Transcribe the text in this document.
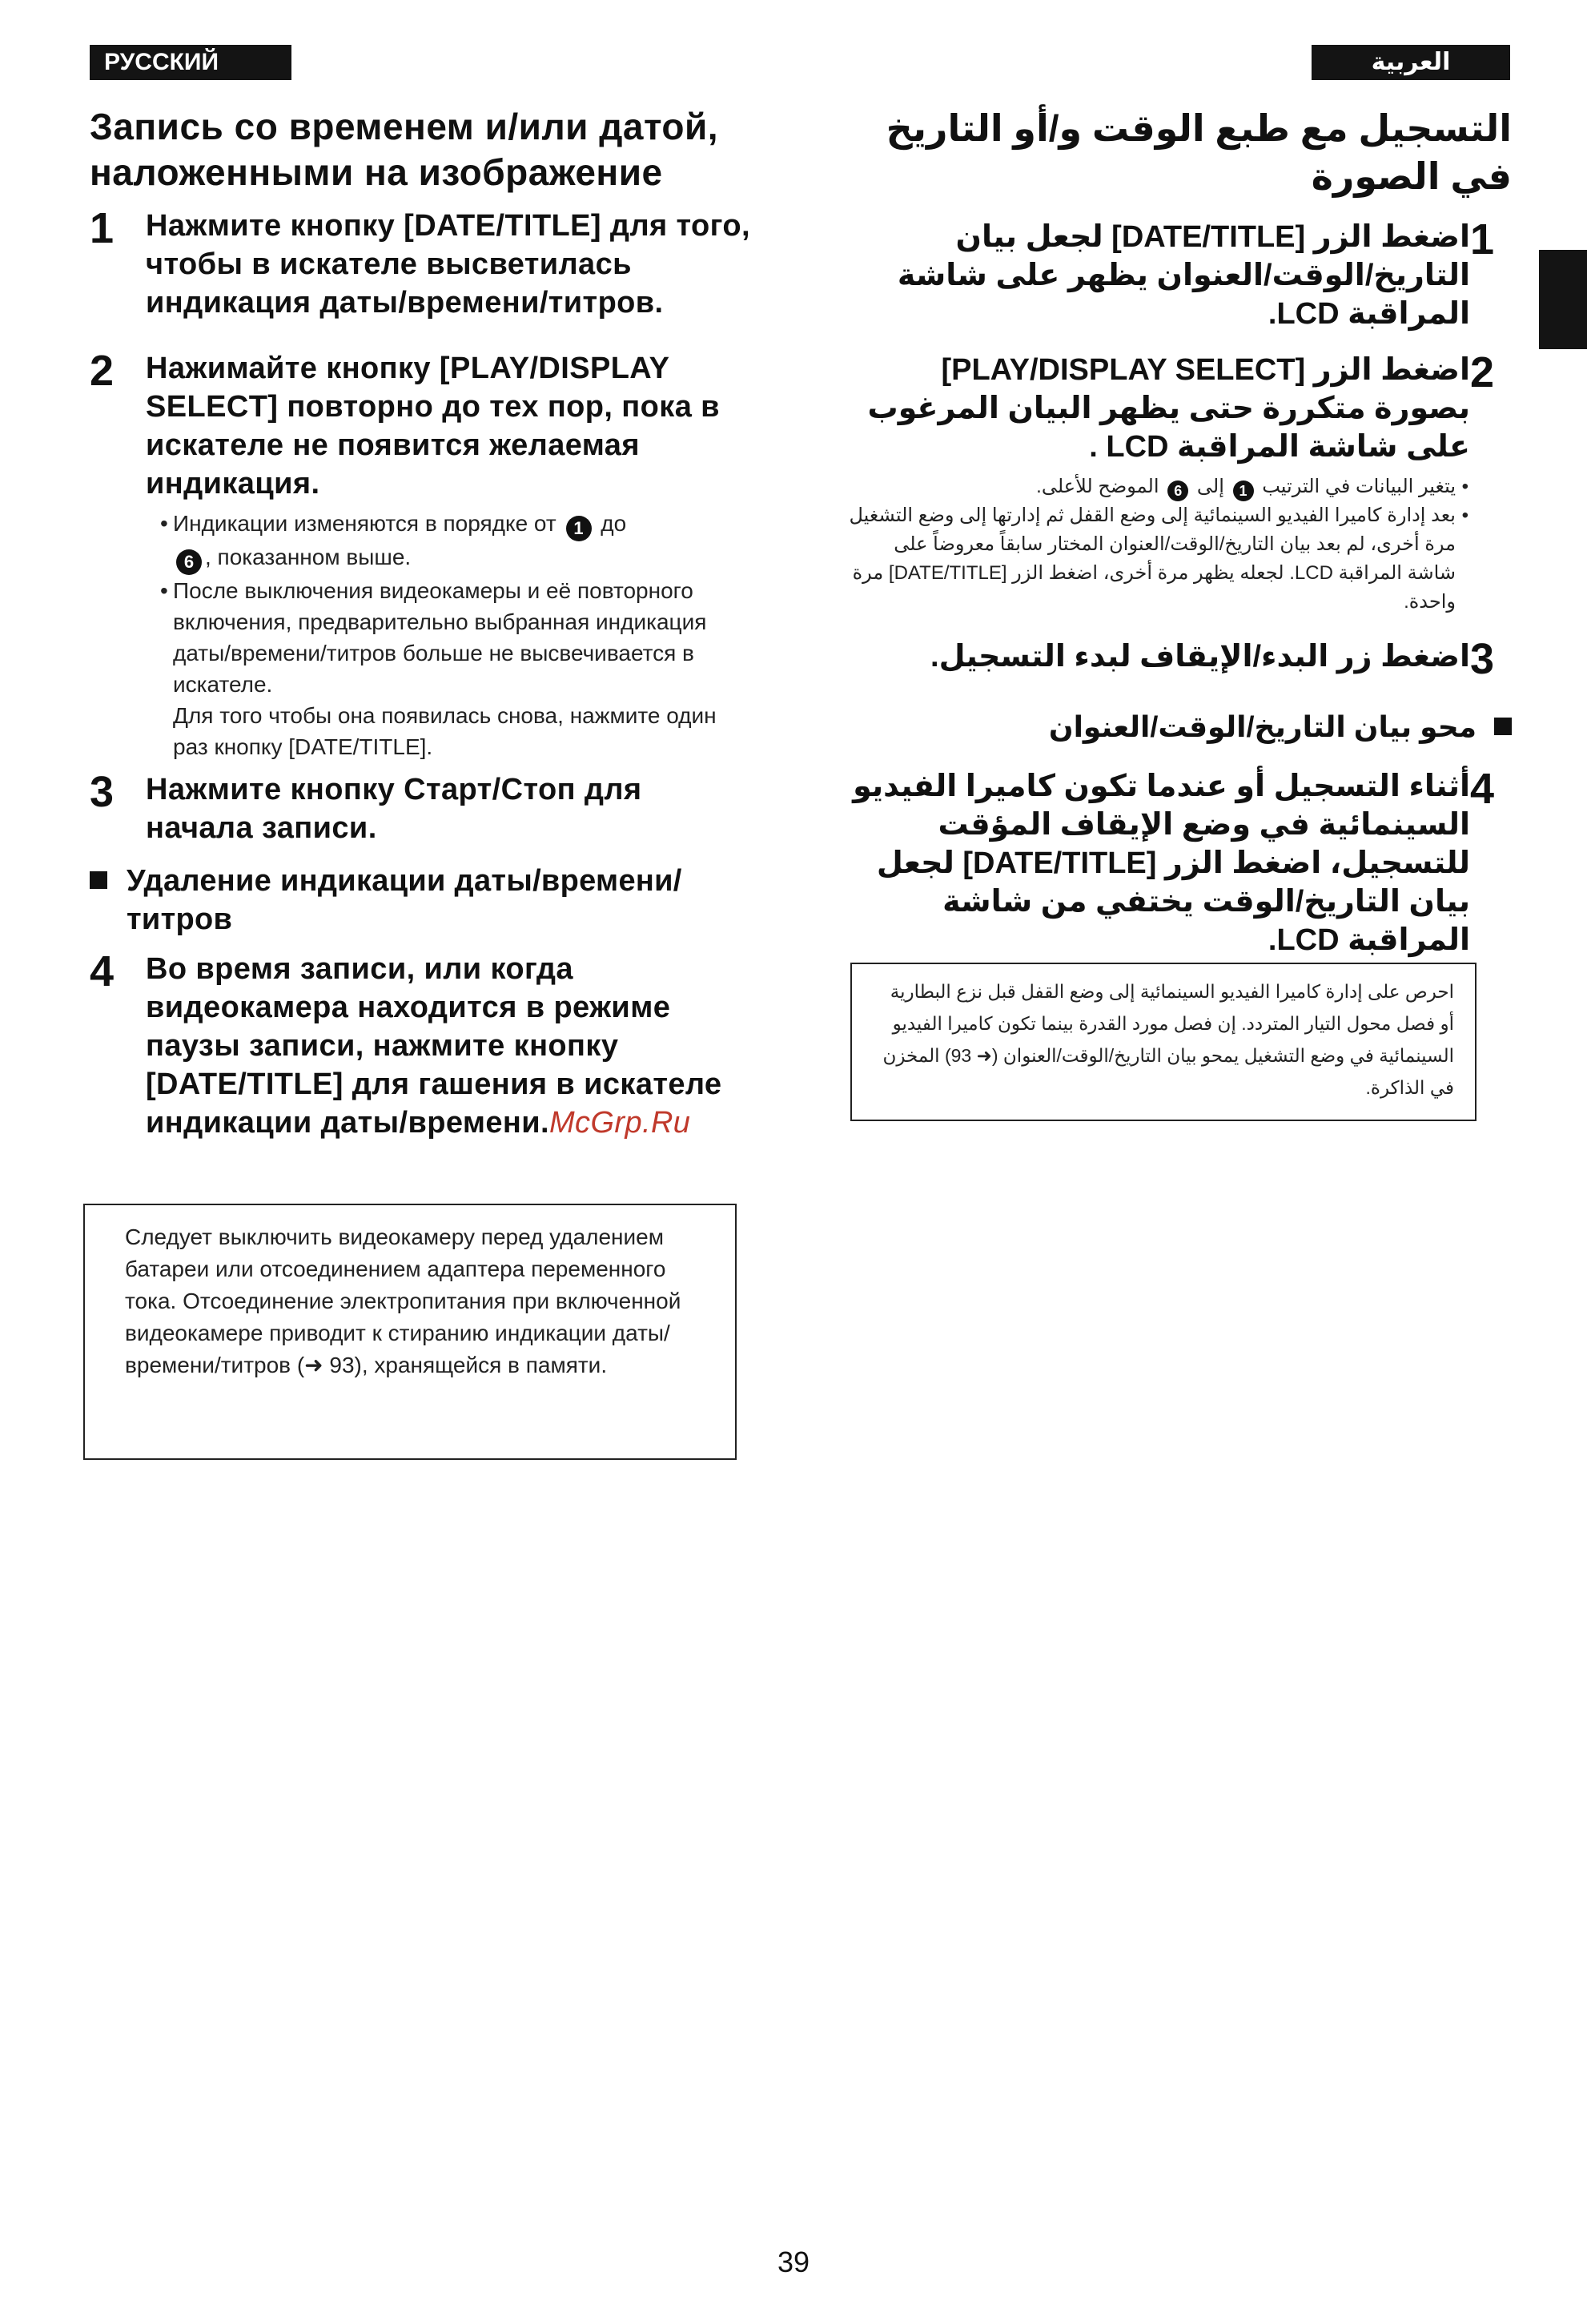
РУССКИЙ ЯЗЫК
العربية
Запись со временем и/или датой, наложенными на изображение
1	Нажмите кнопку [DATE/TITLE] для того, чтобы в искателе высветилась индикация даты/времени/титров.
2	Нажимайте кнопку [PLAY/DISPLAY SELECT] повторно до тех пор, пока в искателе не появится желаемая индикация.
• Индикации изменяются в порядке от 1 до
6 , показанном выше.
• После выключения видеокамеры и её повторного включения, предварительно выбранная индикация даты/времени/титров больше не высвечивается в искателе.
Для того чтобы она появилась снова, нажмите один раз кнопку [DATE/TITLE].
3	Нажмите кнопку Старт/Стоп для начала записи.
Удаление индикации даты/времени/титров
4	Во время записи, или когда видеокамера находится в режиме паузы записи, нажмите кнопку [DATE/TITLE] для гашения в искателе индикации даты/времени.McGrp.Ru
Следует выключить видеокамеру перед удалением батареи или отсоединением адаптера переменного тока. Отсоединение электропитания при включенной видеокамере приводит к стиранию индикации даты/времени/титров (➜ 93), хранящейся в памяти.
التسجيل مع طبع الوقت و/أو التاريخ في الصورة
1
اضغط الزر [DATE/TITLE] لجعل بيان التاريخ/الوقت/العنوان يظهر على شاشة المراقبة LCD.
2
اضغط الزر [PLAY/DISPLAY SELECT] بصورة متكررة حتى يظهر البيان المرغوب على شاشة المراقبة LCD .
•
يتغير البيانات في الترتيب 1 إلى 6 الموضح للأعلى.
•
بعد إدارة كاميرا الفيديو السينمائية إلى وضع القفل ثم إدارتها إلى وضع التشغيل مرة أخرى، لم بعد بيان التاريخ/الوقت/العنوان المختار سابقاً معروضاً على شاشة المراقبة LCD. لجعله يظهر مرة أخرى، اضغط الزر [DATE/TITLE] مرة واحدة.
3
اضغط زر البدء/الإيقاف لبدء التسجيل.
محو بيان التاريخ/الوقت/العنوان
4
أثناء التسجيل أو عندما تكون كاميرا الفيديو السينمائية في وضع الإيقاف المؤقت للتسجيل، اضغط الزر [DATE/TITLE] لجعل بيان التاريخ/الوقت يختفي من شاشة المراقبة LCD.
احرص على إدارة كاميرا الفيديو السينمائية إلى وضع القفل قبل نزع البطارية أو فصل محول التيار المتردد. إن فصل مورد القدرة بينما تكون كاميرا الفيديو السينمائية في وضع التشغيل يمحو بيان التاريخ/الوقت/العنوان (➜ 93) المخزن في الذاكرة.
39
